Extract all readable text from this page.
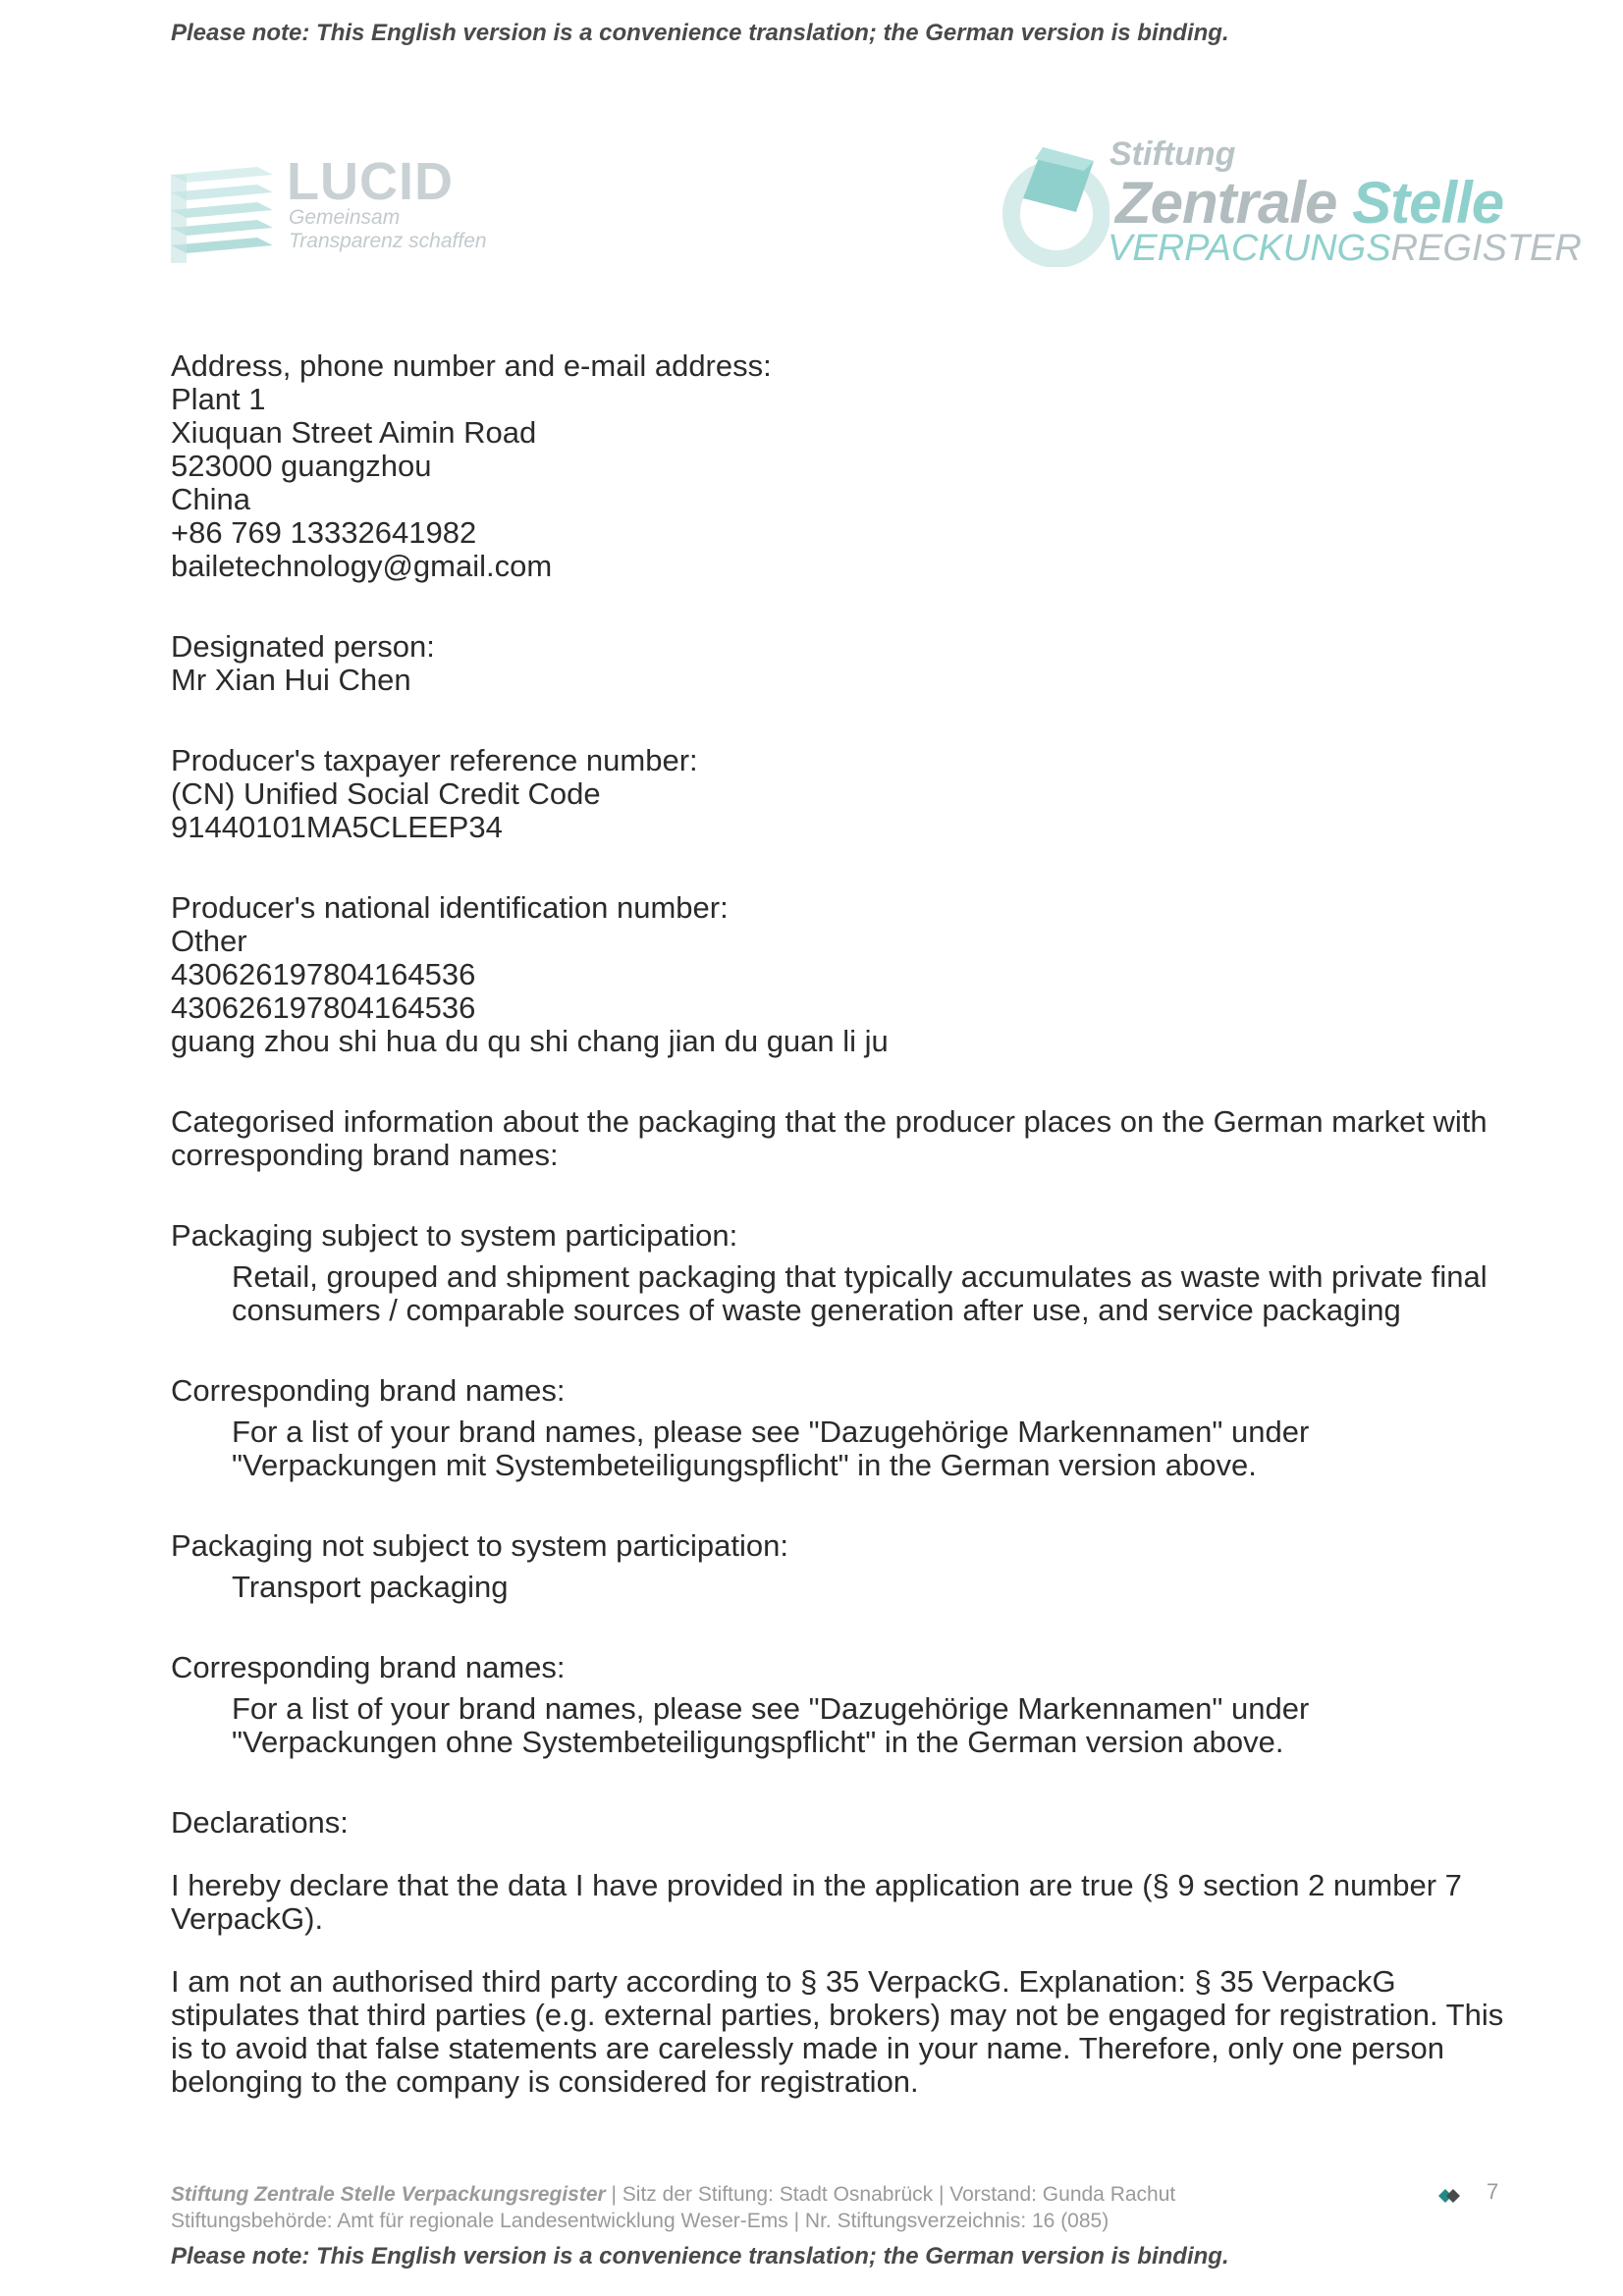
Please note: This English version is a convenience translation; the German version is binding.
LUCID
Gemeinsam
Transparenz schaffen
Stiftung
Zentrale Stelle
VERPACKUNGSREGISTER
Address, phone number and e-mail address:
Plant 1
Xiuquan Street Aimin Road
523000 guangzhou
China
+86 769 13332641982
bailetechnology@gmail.com
Designated person:
Mr Xian Hui Chen
Producer's taxpayer reference number:
(CN) Unified Social Credit Code
91440101MA5CLEEP34
Producer's national identification number:
Other
430626197804164536
430626197804164536
guang zhou shi hua du qu shi chang jian du guan li ju
Categorised information about the packaging that the producer places on the German market with
corresponding brand names:
Packaging subject to system participation:
Retail, grouped and shipment packaging that typically accumulates as waste with private final
consumers / comparable sources of waste generation after use, and service packaging
Corresponding brand names:
For a list of your brand names, please see "Dazugehörige Markennamen" under
"Verpackungen mit Systembeteiligungspflicht" in the German version above.
Packaging not subject to system participation:
Transport packaging
Corresponding brand names:
For a list of your brand names, please see "Dazugehörige Markennamen" under
"Verpackungen ohne Systembeteiligungspflicht" in the German version above.
Declarations:
I hereby declare that the data I have provided in the application are true (§ 9 section 2 number 7
VerpackG).
I am not an authorised third party according to § 35 VerpackG. Explanation: § 35 VerpackG
stipulates that third parties (e.g. external parties, brokers) may not be engaged for registration. This
is to avoid that false statements are carelessly made in your name. Therefore, only one person
belonging to the company is considered for registration.
Stiftung Zentrale Stelle Verpackungsregister | Sitz der Stiftung: Stadt Osnabrück | Vorstand: Gunda Rachut
Stiftungsbehörde: Amt für regionale Landesentwicklung Weser-Ems | Nr. Stiftungsverzeichnis: 16 (085)
7
Please note: This English version is a convenience translation; the German version is binding.
